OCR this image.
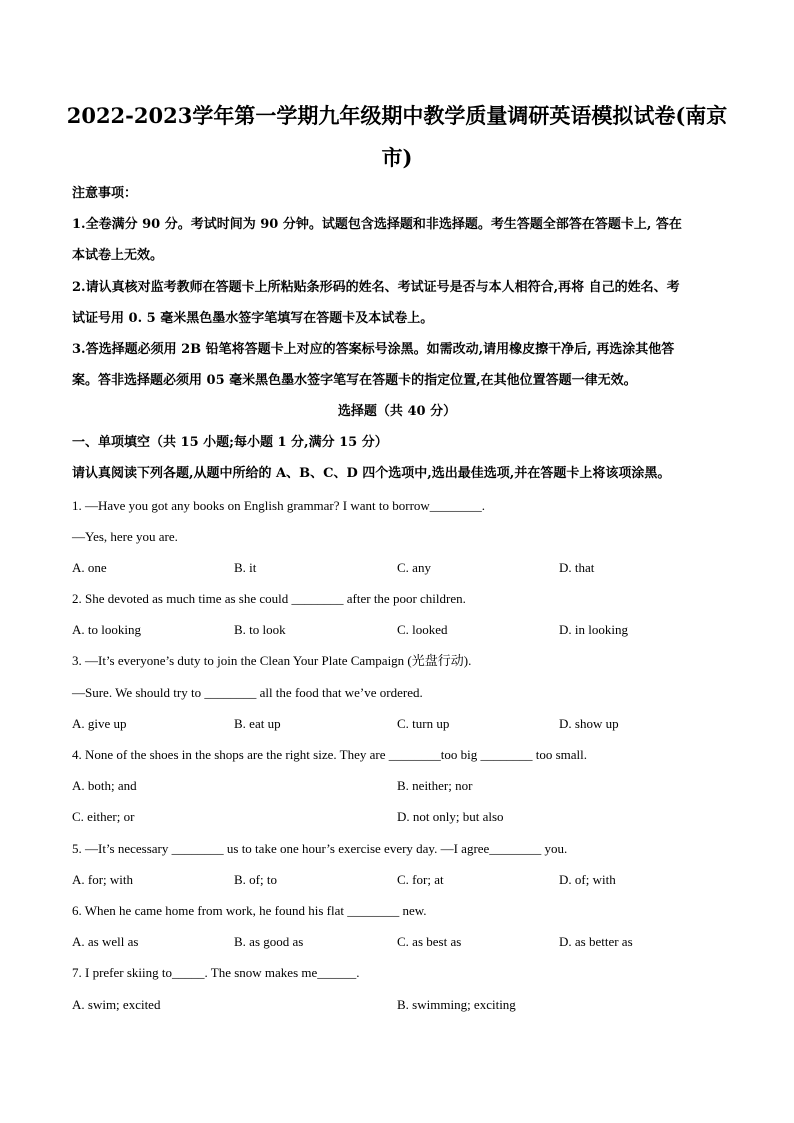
2022-2023学年第一学期九年级期中教学质量调研英语模拟试卷(南京
市)
注意事项：
1.全卷满分 90 分。考试时间为 90 分钟。试题包含选择题和非选择题。考生答题全部答在答题卡上, 答在
本试卷上无效。
2.请认真核对监考教师在答题卡上所粘贴条形码的姓名、考试证号是否与本人相符合,再将 自己的姓名、考
试证号用 0. 5 毫米黑色墨水签字笔填写在答题卡及本试卷上。
3.答选择题必须用 2B 铅笔将答题卡上对应的答案标号涂黑。如需改动,请用橡皮擦干净后, 再选涂其他答
案。答非选择题必须用 05 毫米黑色墨水签字笔写在答题卡的指定位置,在其他位置答题一律无效。
选择题（共 40 分）
一、单项填空（共 15 小题;每小题 1 分,满分 15 分）
请认真阅读下列各题,从题中所给的 A、B、C、D 四个选项中,选出最佳选项,并在答题卡上将该项涂黑。
1. —Have you got any books on English grammar? I want to borrow________.
—Yes, here you are.
A. one	B. it	C. any	D. that
2. She devoted as much time as she could ________ after the poor children.
A. to looking	B. to look	C. looked	D. in looking
3. —It’s everyone’s duty to join the Clean Your Plate Campaign (光盘行动).
—Sure. We should try to ________ all the food that we’ve ordered.
A. give up	B. eat up	C. turn up	D. show up
4. None of the shoes in the shops are the right size. They are ________too big ________ too small.
A. both; and	B. neither; nor
C. either; or	D. not only; but also
5. —It’s necessary ________ us to take one hour’s exercise every day. —I agree________ you.
A. for; with	B. of; to	C. for; at	D. of; with
6. When he came home from work, he found his flat ________ new.
A. as well as	B. as good as	C. as best as	D. as better as
7. I prefer skiing to_____. The snow makes me______.
A. swim; excited	B. swimming; exciting
